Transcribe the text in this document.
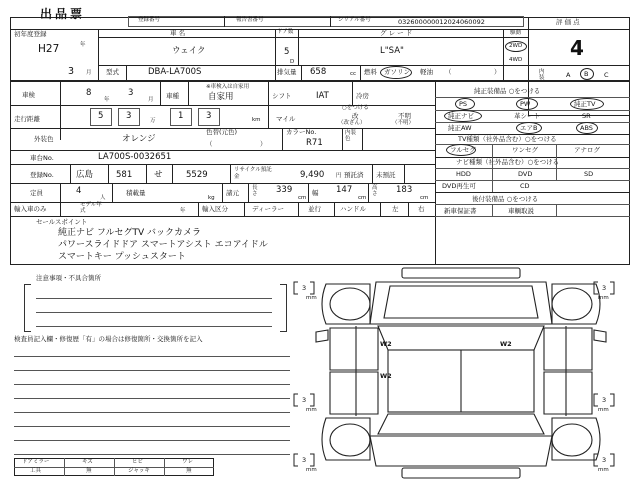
出品票	登録番号	報告書番号	シリアル番号	032600000012024060092	評 価 点
初年度登録
H27	年
3 月
車 名
ウェイク
ドア数
5
D
グ レ ー ド
L"SA"
駆動
2WD
4WD 4
型式	DBA-LA700S	排気量 658	cc 燃料 ガソリン 軽油 （	）	内装	A B C
車検	8
年
3
月 車種
※車検入は自家用
自家用	シフト	IAT	冷房
走行距離	5	3	万	1	3	km
○をつける
マイル	改	不明
（改ざん）	（不明）
外装色	オレンジ
色替(元色)
（	）
カラーNo.
R71
内装色
車台No.	LA700S-0032651
登録No.	広島	581	せ	5529	リサイクル預託金	9,490 円 預託済 未預託
定員	4
人
積載量
kg
諸元
長さ 339
cm
幅 147
cm
高さ 183
cm
輸入車のみ	モデル年式	年	輸入区分	ディーラー	並行	ハンドル	左	右
セールスポイント
純正ナビ フルセグTV バックカメラ
パワースライドドア スマートアシスト エコアイドル
スマートキー プッシュスタート
純正装備品 ○をつける
PS	PW	純正TV
純正ナビ	革シート	SR
純正AW	エアB	ABS
TV種類（社外品含む）○をつける
フルセグ	ワンセグ	アナログ
ナビ種類（社外品含む）○をつける
HDD	DVD	SD
DVD再生可	CD
後付装備品 ○をつける
新車保証書	車輌取説
注意事項・不具合箇所
検査員記入欄・修復歴「有」の場合は修復箇所・交換箇所を記入
ドアミラー	キズ	ヒビ	ワレ
工具	無	ジャッキ	無
3
mm
3
mm
3
mm
3
mm
3
mm
3
mm
W2
W2
W2
